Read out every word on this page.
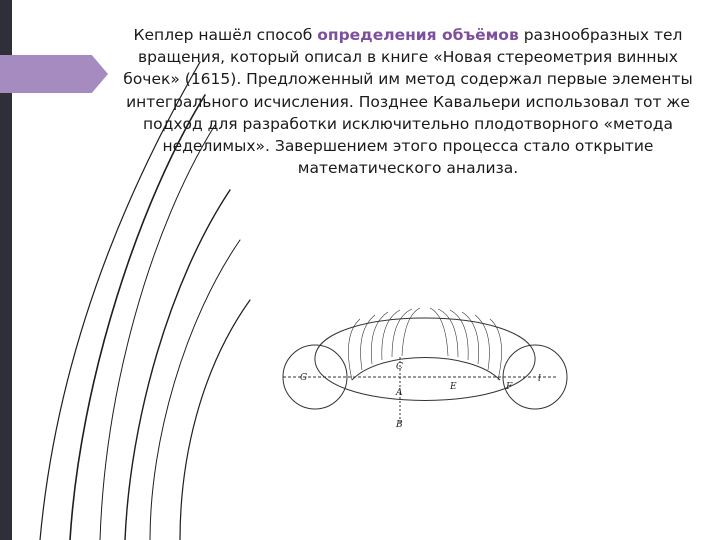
Кеплер нашёл способ определения объёмов разнообразных тел вращения, который описал в книге «Новая стереометрия винных бочек» (1615). Предложенный им метод содержал первые элементы интегрального исчисления. Позднее Кавальери использовал тот же подход для разработки исключительно плодотворного «метода неделимых». Завершением этого процесса стало открытие математического анализа.
G
C
A
E	F
l
B
